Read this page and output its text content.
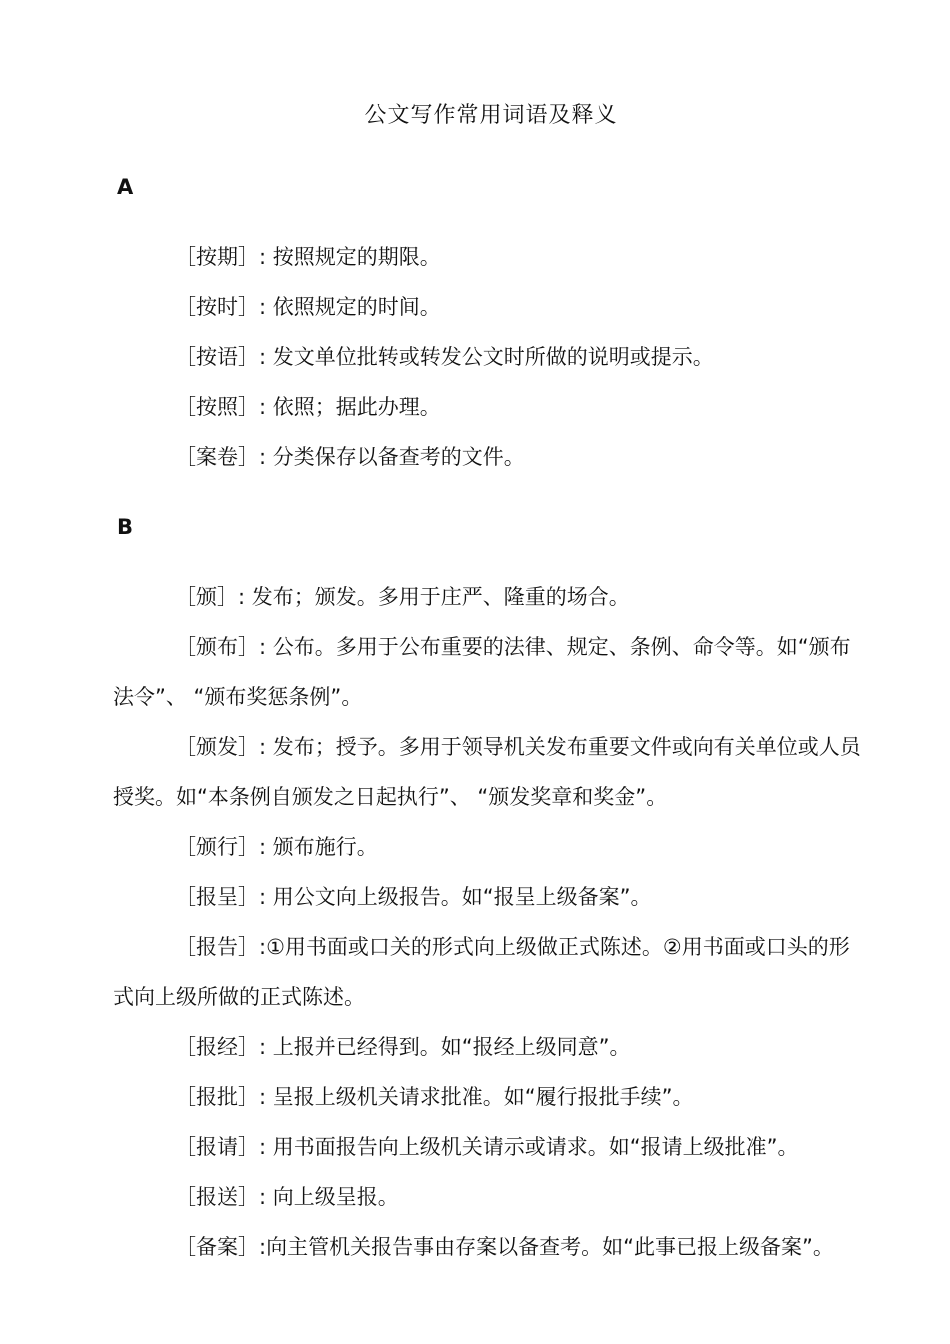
公文写作常用词语及释义
A
［按期］: 按照规定的期限。
［按时］: 依照规定的时间。
［按语］: 发文单位批转或转发公文时所做的说明或提示。
［按照］: 依照；据此办理。
［案卷］: 分类保存以备查考的文件。
B
［颁］: 发布；颁发。多用于庄严、隆重的场合。
［颁布］: 公布。多用于公布重要的法律、规定、条例、命令等。如“颁布法令”、 “颁布奖惩条例”。
［颁发］: 发布；授予。多用于领导机关发布重要文件或向有关单位或人员授奖。如“本条例自颁发之日起执行”、 “颁发奖章和奖金”。
［颁行］: 颁布施行。
［报呈］: 用公文向上级报告。如“报呈上级备案”。
［报告］:①用书面或口关的形式向上级做正式陈述。②用书面或口头的形式向上级所做的正式陈述。
［报经］: 上报并已经得到。如“报经上级同意”。
［报批］: 呈报上级机关请求批准。如“履行报批手续”。
［报请］: 用书面报告向上级机关请示或请求。如“报请上级批准”。
［报送］: 向上级呈报。
［备案］:向主管机关报告事由存案以备查考。如“此事已报上级备案”。
